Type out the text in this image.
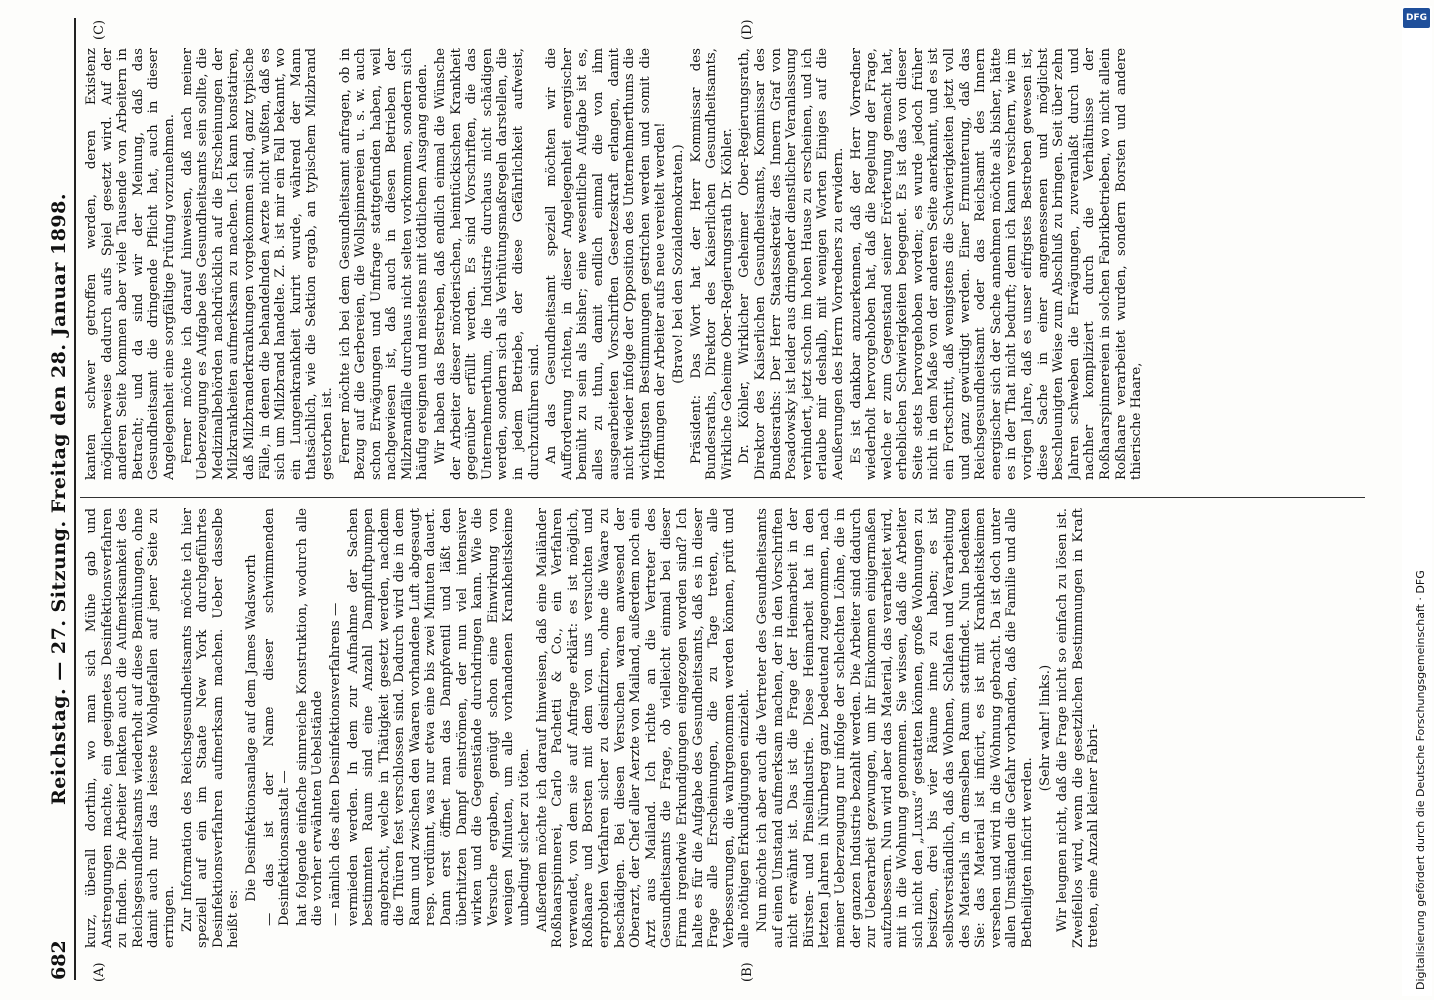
682
Reichstag. — 27. Sitzung. Freitag den 28. Januar 1898.
(A)	(B)
(C)	(D)

kurz, überall dorthin, wo man sich Mühe gab und Anstrengungen machte, ein geeignetes Desinfektionsverfahren zu finden. Die Arbeiter lenkten auch die Aufmerksamkeit des Reichsgesundheitsamts wiederholt auf diese Bemühungen, ohne damit auch nur das leiseste Wohlgefallen auf jener Seite zu erringen. Zur Information des Reichsgesundheitsamts möchte ich hier speziell auf ein im Staate New York durchgeführtes Desinfektionsverfahren aufmerksam machen. Ueber dasselbe heißt es:

Die Desinfektionsanlage auf dem James Wadsworth — das ist der Name dieser schwimmenden Desinfektionsanstalt — hat folgende einfache sinnreiche Konstruktion, wodurch alle die vorher erwähnten Uebelstände — nämlich des alten Desinfektionsverfahrens — vermieden werden. In dem zur Aufnahme der Sachen bestimmten Raum sind eine Anzahl Dampfluftpumpen angebracht, welche in Thätigkeit gesetzt werden, nachdem die Thüren fest verschlossen sind. Dadurch wird die in dem Raum und zwischen den Waaren vorhandene Luft abgesaugt resp. verdünnt, was nur etwa eine bis zwei Minuten dauert. Dann erst öffnet man das Dampfventil und läßt den überhitzten Dampf einströmen, der nun viel intensiver wirken und die Gegenstände durchdringen kann. Wie die Versuche ergaben, genügt schon eine Einwirkung von wenigen Minuten, um alle vorhandenen Krankheitskeime unbedingt sicher zu töten. Außerdem möchte ich darauf hinweisen, daß eine Mailänder Roßhaarspinnerei, Carlo Pachetti & Co., ein Verfahren verwendet, von dem sie auf Anfrage erklärt: es ist möglich, Roßhaare und Borsten mit dem von uns versuchten und erprobten Verfahren sicher zu desinfiziren, ohne die Waare zu beschädigen. Bei diesen Versuchen waren anwesend der Oberarzt, der Chef aller Aerzte von Mailand, außerdem noch ein Arzt aus Mailand. Ich richte an die Vertreter des Gesundheitsamts die Frage, ob vielleicht einmal bei dieser Firma irgendwie Erkundigungen eingezogen worden sind? Ich halte es für die Aufgabe des Gesundheitsamts, daß es in dieser Frage alle Erscheinungen, die zu Tage treten, alle Verbesserungen, die wahrgenommen werden können, prüft und alle nöthigen Erkundigungen einzieht. Nun möchte ich aber auch die Vertreter des Gesundheitsamts auf einen Umstand aufmerksam machen, der in den Vorschriften nicht erwähnt ist. Das ist die Frage der Heimarbeit in der Bürsten- und Pinselindustrie. Diese Heimarbeit hat in den letzten Jahren in Nürnberg ganz bedeutend zugenommen, nach meiner Ueberzeugung nur infolge der schlechten Löhne, die in der ganzen Industrie bezahlt werden. Die Arbeiter sind dadurch zur Ueberarbeit gezwungen, um ihr Einkommen einigermaßen aufzubessern. Nun wird aber das Material, das verarbeitet wird, mit in die Wohnung genommen. Sie wissen, daß die Arbeiter sich nicht den „Luxus“ gestatten können, große Wohnungen zu besitzen, drei bis vier Räume inne zu haben; es ist selbstverständlich, daß das Wohnen, Schlafen und Verarbeitung des Materials in demselben Raum stattfindet. Nun bedenken Sie: das Material ist inficirt, es ist mit Krankheitskeimen versehen und wird in die Wohnung gebracht. Da ist doch unter allen Umständen die Gefahr vorhanden, daß die Familie und alle Betheiligten inficirt werden.

(Sehr wahr! links.) Wir leugnen nicht, daß die Frage nicht so einfach zu lösen ist. Zweifellos wird, wenn die gesetzlichen Bestimmungen in Kraft treten, eine Anzahl kleiner Fabri-

kanten schwer getroffen werden, deren Existenz möglicherweise dadurch aufs Spiel gesetzt wird. Auf der anderen Seite kommen aber viele Tausende von Arbeitern in Betracht; und da sind wir der Meinung, daß das Gesundheitsamt die dringende Pflicht hat, auch in dieser Angelegenheit eine sorgfältige Prüfung vorzunehmen. Ferner möchte ich darauf hinweisen, daß nach meiner Ueberzeugung es Aufgabe des Gesundheitsamts sein sollte, die Medizinalbehörden nachdrücklich auf die Erscheinungen der Milzkrankheiten aufmerksam zu machen. Ich kann konstatiren, daß Milzbranderkrankungen vorgekommen sind, ganz typische Fälle, in denen die behandelnden Aerzte nicht wußten, daß es sich um Milzbrand handelte. Z. B. ist mir ein Fall bekannt, wo ein Lungenkrankheit kurirt wurde, während der Mann thatsächlich, wie die Sektion ergab, an typischem Milzbrand gestorben ist. Ferner möchte ich bei dem Gesundheitsamt anfragen, ob in Bezug auf die Gerbereien, die Wollspinnereien u. s. w. auch schon Erwägungen und Umfrage stattgefunden haben, weil nachgewiesen ist, daß auch in diesen Betrieben der Milzbrandfälle durchaus nicht selten vorkommen, sondern sich häufig ereignen und meistens mit tödtlichem Ausgang enden. Wir haben das Bestreben, daß endlich einmal die Wünsche der Arbeiter dieser mörderischen, heimtückischen Krankheit gegenüber erfüllt werden. Es sind Vorschriften, die das Unternehmerthum, die Industrie durchaus nicht schädigen werden, sondern sich als Verhütungsmaßregeln darstellen, die in jedem Betriebe, der diese Gefährlichkeit aufweist, durchzuführen sind. An das Gesundheitsamt speziell möchten wir die Aufforderung richten, in dieser Angelegenheit energischer bemüht zu sein als bisher; eine wesentliche Aufgabe ist es, alles zu thun, damit endlich einmal die von ihm ausgearbeiteten Vorschriften Gesetzeskraft erlangen, damit nicht wieder infolge der Opposition des Unternehmerthums die wichtigsten Bestimmungen gestrichen werden und somit die Hoffnungen der Arbeiter aufs neue vereitelt werden! (Bravo! bei den Sozialdemokraten.) Präsident: Das Wort hat der Herr Kommissar des Bundesraths, Direktor des Kaiserlichen Gesundheitsamts, Wirkliche Geheime Ober-Regierungsrath Dr. Köhler. Dr. Köhler, Wirklicher Geheimer Ober-Regierungsrath, Direktor des Kaiserlichen Gesundheitsamts, Kommissar des Bundesraths: Der Herr Staatssekretär des Innern Graf von Posadowsky ist leider aus dringender dienstlicher Veranlassung verhindert, jetzt schon im hohen Hause zu erscheinen, und ich erlaube mir deshalb, mit wenigen Worten Einiges auf die Aeußerungen des Herrn Vorredners zu erwidern. Es ist dankbar anzuerkennen, daß der Herr Vorredner wiederholt hervorgehoben hat, daß die Regelung der Frage, welche er zum Gegenstand seiner Erörterung gemacht hat, erheblichen Schwierigkeiten begegnet. Es ist das von dieser Seite stets hervorgehoben worden; es wurde jedoch früher nicht in dem Maße von der anderen Seite anerkannt, und es ist ein Fortschritt, daß wenigstens die Schwierigkeiten jetzt voll und ganz gewürdigt werden. Einer Ermunterung, daß das Reichsgesundheitsamt oder das Reichsamt des Innern energischer sich der Sache annehmen möchte als bisher, hätte es in der That nicht bedurft; denn ich kann versichern, wie im vorigen Jahre, daß es unser eifrigstes Bestreben gewesen ist, diese Sache in einer angemessenen und möglichst beschleunigten Weise zum Abschluß zu bringen. Seit über zehn Jahren schweben die Erwägungen, zuveranlaßt durch und nachher kompliziert durch die Verhältnisse der Roßhaarspinnereien in solchen Fabrikbetrieben, wo nicht allein Roßhaare verarbeitet wurden, sondern Borsten und andere thierische Haare,

DFG
Digitalisierung gefördert durch die Deutsche Forschungsgemeinschaft · DFG
